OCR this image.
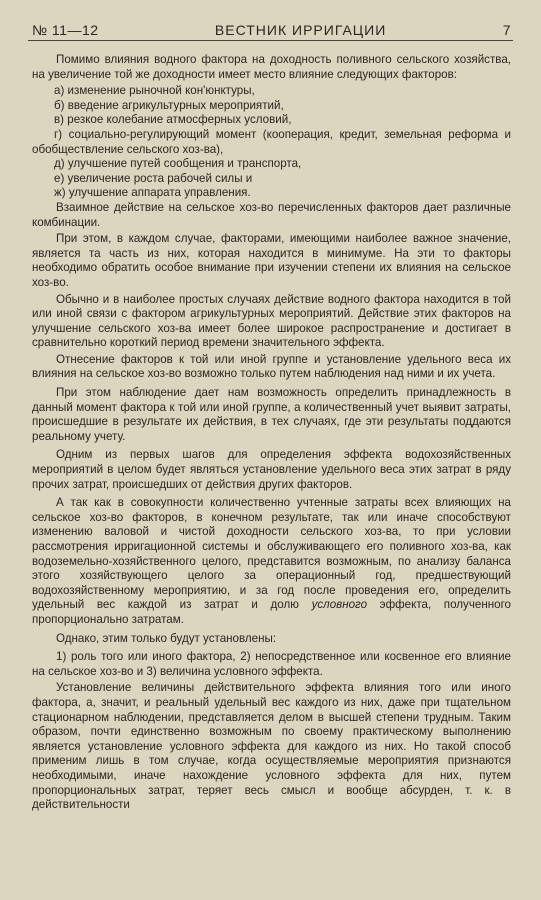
№ 11—12	ВЕСТНИК ИРРИГАЦИИ	7

Помимо влияния водного фактора на доходность поливного сельского хозяйства, на увеличение той же доходности имеет место влияние следующих факторов:

а) изменение рыночной кон'юнктуры,

б) введение агрикультурных мероприятий,

в) резкое колебание атмосферных условий,

г) социально-регулирующий момент (кооперация, кредит, земельная реформа и обобществление сельского хоз-ва),

д) улучшение путей сообщения и транспорта,

е) увеличение роста рабочей силы и

ж) улучшение аппарата управления.

Взаимное действие на сельское хоз-во перечисленных факторов дает различные комбинации.

При этом, в каждом случае, факторами, имеющими наиболее важное значение, является та часть из них, которая находится в минимуме. На эти то факторы необходимо обратить особое внимание при изучении степени их влияния на сельское хоз-во.

Обычно и в наиболее простых случаях действие водного фактора находится в той или иной связи с фактором агрикультурных мероприятий. Действие этих факторов на улучшение сельского хоз-ва имеет более широкое распространение и достигает в сравнительно короткий период времени значительного эффекта.

Отнесение факторов к той или иной группе и установление удельного веса их влияния на сельское хоз-во возможно только путем наблюдения над ними и их учета.

При этом наблюдение дает нам возможность определить принадлежность в данный момент фактора к той или иной группе, а количественный учет выявит затраты, происшедшие в результате их действия, в тех случаях, где эти результаты поддаются реальному учету.

Одним из первых шагов для определения эффекта водохозяйственных мероприятий в целом будет являться установление удельного веса этих затрат в ряду прочих затрат, происшедших от действия других факторов.

А так как в совокупности количественно учтенные затраты всех влияющих на сельское хоз-во факторов, в конечном результате, так или иначе способствуют изменению валовой и чистой доходности сельского хоз-ва, то при условии рассмотрения ирригационной системы и обслуживающего его поливного хоз-ва, как водоземельно-хозяйственного целого, представится возможным, по анализу баланса этого хозяйствующего целого за операционный год, предшествующий водохозяйственному мероприятию, и за год после проведения его, определить удельный вес каждой из затрат и долю условного эффекта, полученного пропорционально затратам.

Однако, этим только будут установлены:

1) роль того или иного фактора, 2) непосредственное или косвенное его влияние на сельское хоз-во и 3) величина условного эффекта.

Установление величины действительного эффекта влияния того или иного фактора, а, значит, и реальный удельный вес каждого из них, даже при тщательном стационарном наблюдении, представляется делом в высшей степени трудным. Таким образом, почти единственно возможным по своему практическому выполнению является установление условного эффекта для каждого из них. Но такой способ применим лишь в том случае, когда осуществляемые мероприятия признаются необходимыми, иначе нахождение условного эффекта для них, путем пропорциональных затрат, теряет весь смысл и вообще абсурден, т. к. в действительности
